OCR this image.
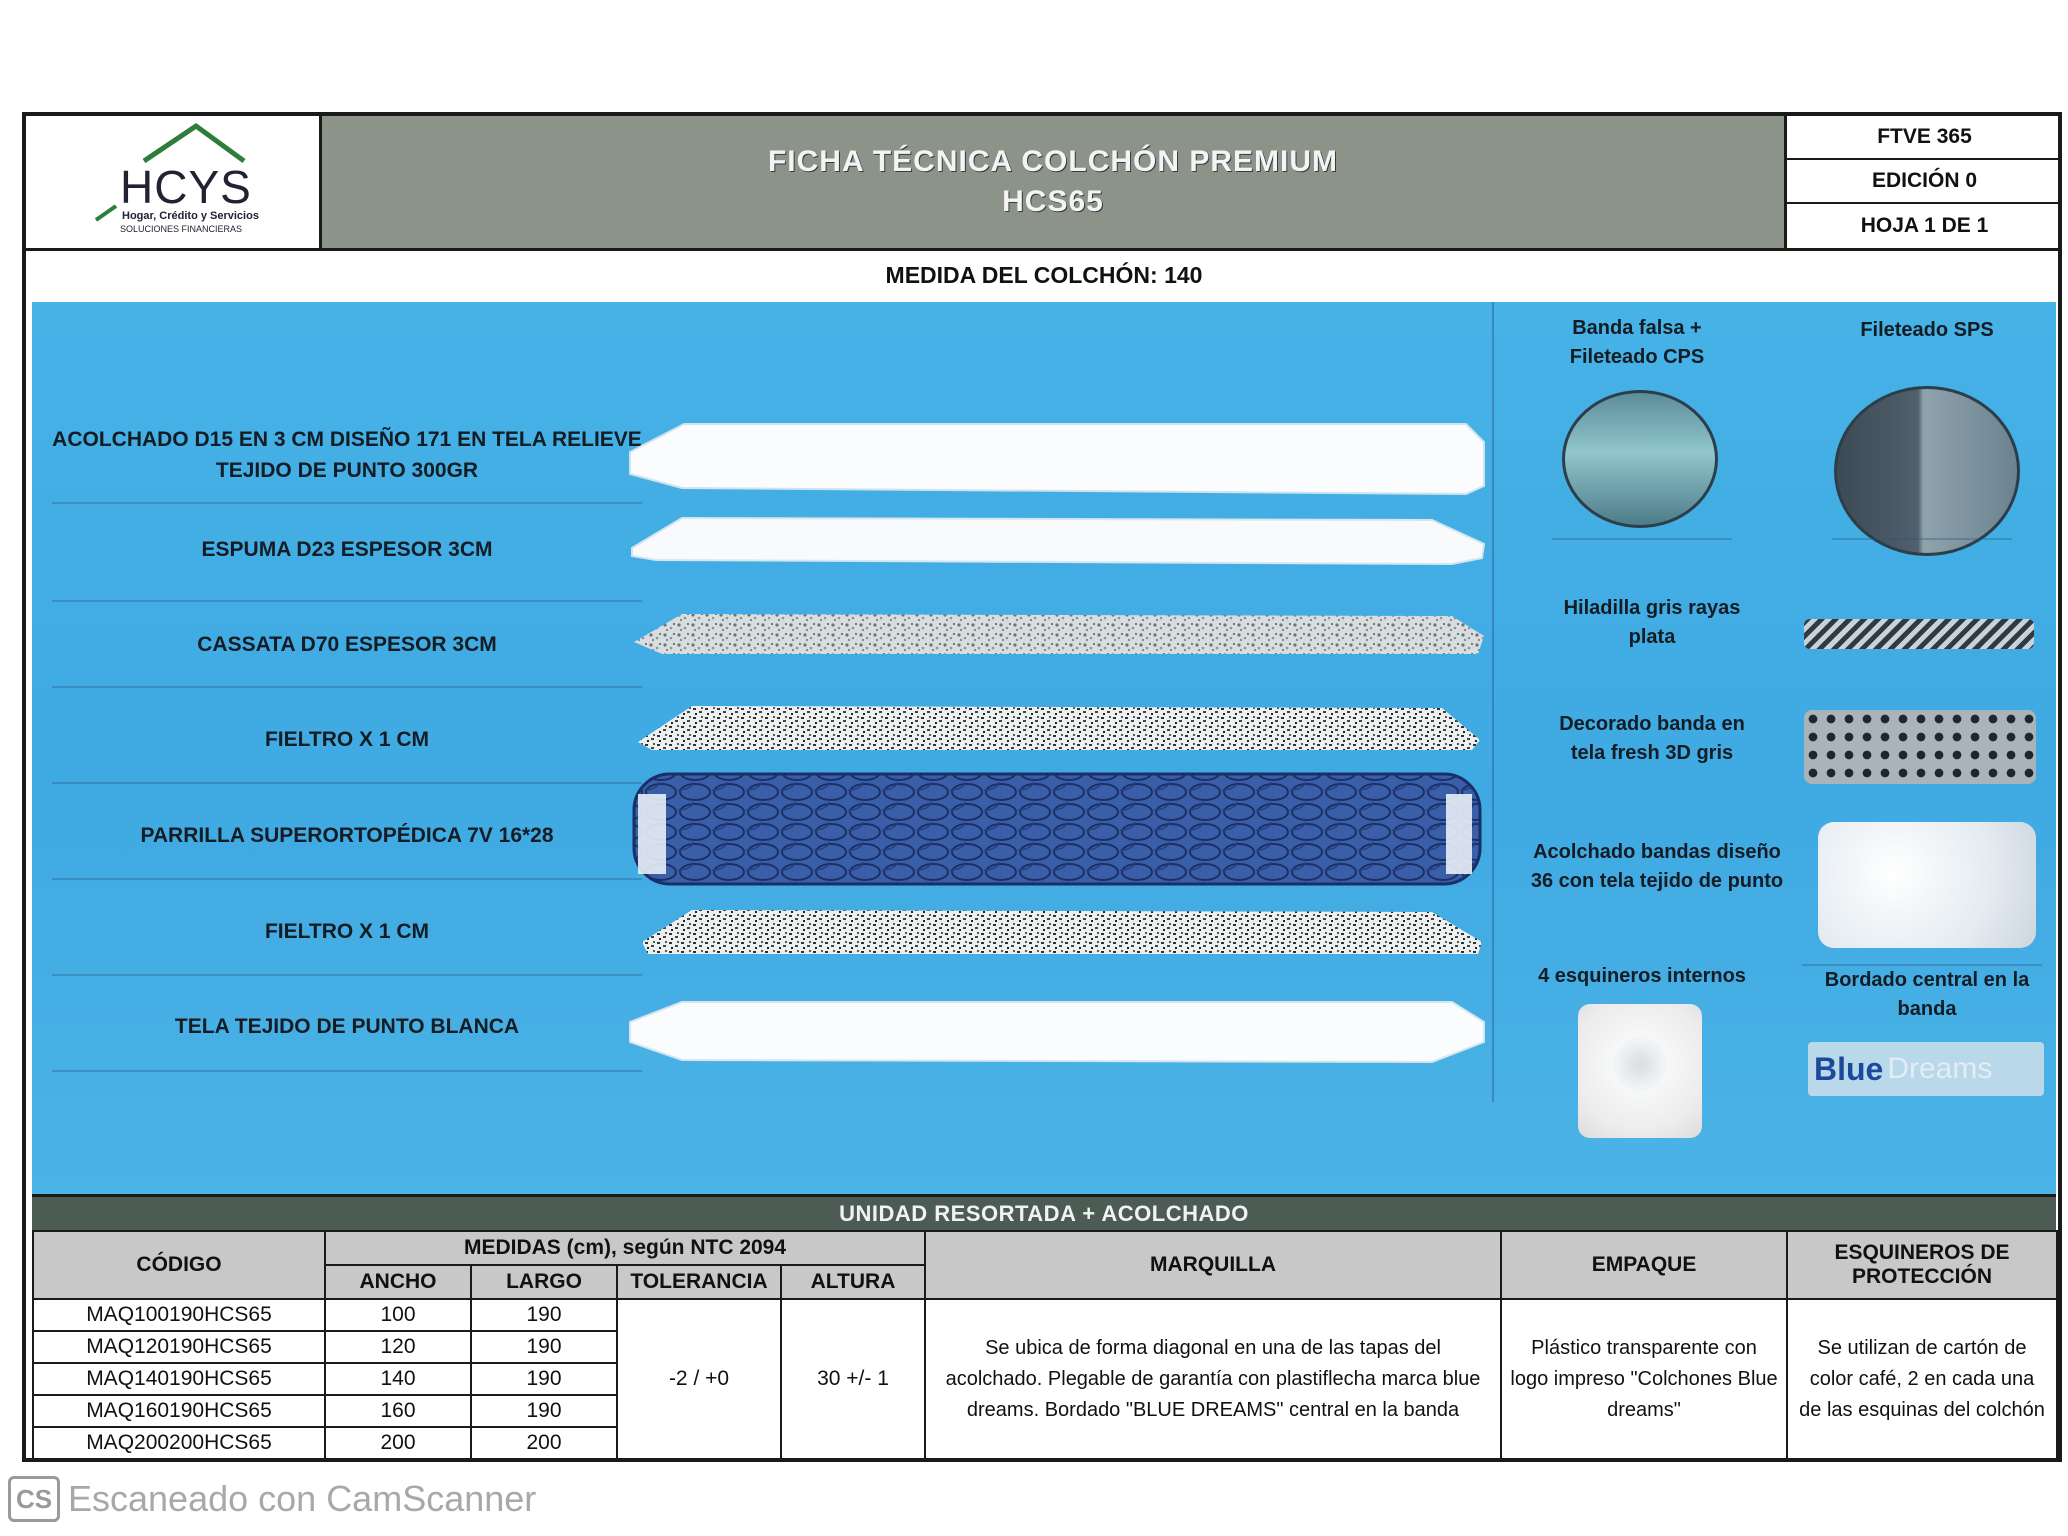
HCYS
Hogar, Crédito y Servicios
SOLUCIONES FINANCIERAS
FICHA TÉCNICA COLCHÓN PREMIUM
HCS65
FTVE 365
EDICIÓN 0
HOJA 1 DE 1
MEDIDA DEL COLCHÓN: 140
ACOLCHADO D15 EN 3 CM DISEÑO 171 EN TELA RELIEVE TEJIDO DE PUNTO 300GR
ESPUMA D23 ESPESOR 3CM
CASSATA D70 ESPESOR 3CM
FIELTRO X 1 CM
PARRILLA SUPERORTOPÉDICA 7V 16*28
FIELTRO X 1 CM
TELA TEJIDO DE PUNTO BLANCA
Banda falsa + Fileteado CPS
Fileteado SPS
Hiladilla gris rayas plata
Decorado banda en tela fresh 3D gris
Acolchado bandas diseño 36 con tela tejido de punto
4 esquineros internos	Bordado central en la banda
Blue Dreams
UNIDAD RESORTADA + ACOLCHADO
CÓDIGO	MEDIDAS (cm), según NTC 2094				MARQUILLA	EMPAQUE	ESQUINEROS DE PROTECCIÓN
	ANCHO	LARGO	TOLERANCIA	ALTURA			
MAQ100190HCS65	100	190	-2 / +0	30 +/- 1	Se ubica de forma diagonal en una de las tapas del acolchado. Plegable de garantía con plastiflecha marca blue dreams. Bordado "BLUE DREAMS" central en la banda	Plástico transparente con logo impreso "Colchones Blue dreams"	Se utilizan de cartón de color café, 2 en cada una de las esquinas del colchón
MAQ120190HCS65	120	190					
MAQ140190HCS65	140	190					
MAQ160190HCS65	160	190					
MAQ200200HCS65	200	200					
CS Escaneado con CamScanner
